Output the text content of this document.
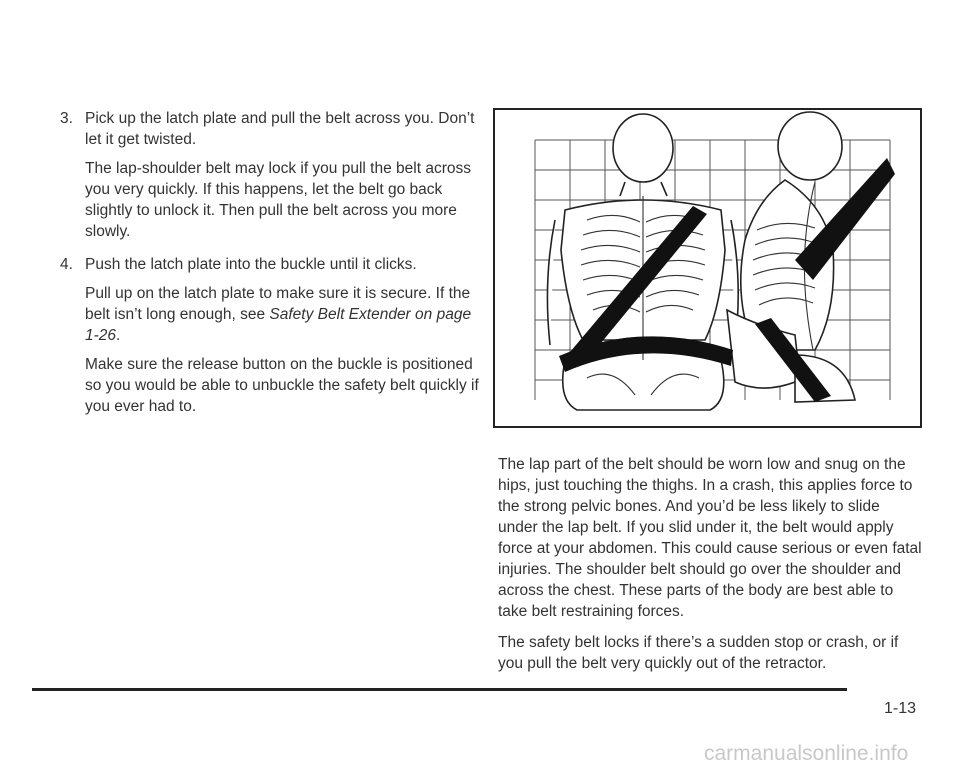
3. Pick up the latch plate and pull the belt across you. Don’t let it get twisted.

The lap-shoulder belt may lock if you pull the belt across you very quickly. If this happens, let the belt go back slightly to unlock it. Then pull the belt across you more slowly.

4. Push the latch plate into the buckle until it clicks.

Pull up on the latch plate to make sure it is secure. If the belt isn’t long enough, see Safety Belt Extender on page 1-26.

Make sure the release button on the buckle is positioned so you would be able to unbuckle the safety belt quickly if you ever had to.

The lap part of the belt should be worn low and snug on the hips, just touching the thighs. In a crash, this applies force to the strong pelvic bones. And you’d be less likely to slide under the lap belt. If you slid under it, the belt would apply force at your abdomen. This could cause serious or even fatal injuries. The shoulder belt should go over the shoulder and across the chest. These parts of the body are best able to take belt restraining forces.

The safety belt locks if there’s a sudden stop or crash, or if you pull the belt very quickly out of the retractor.

1-13
carmanualsonline.info
